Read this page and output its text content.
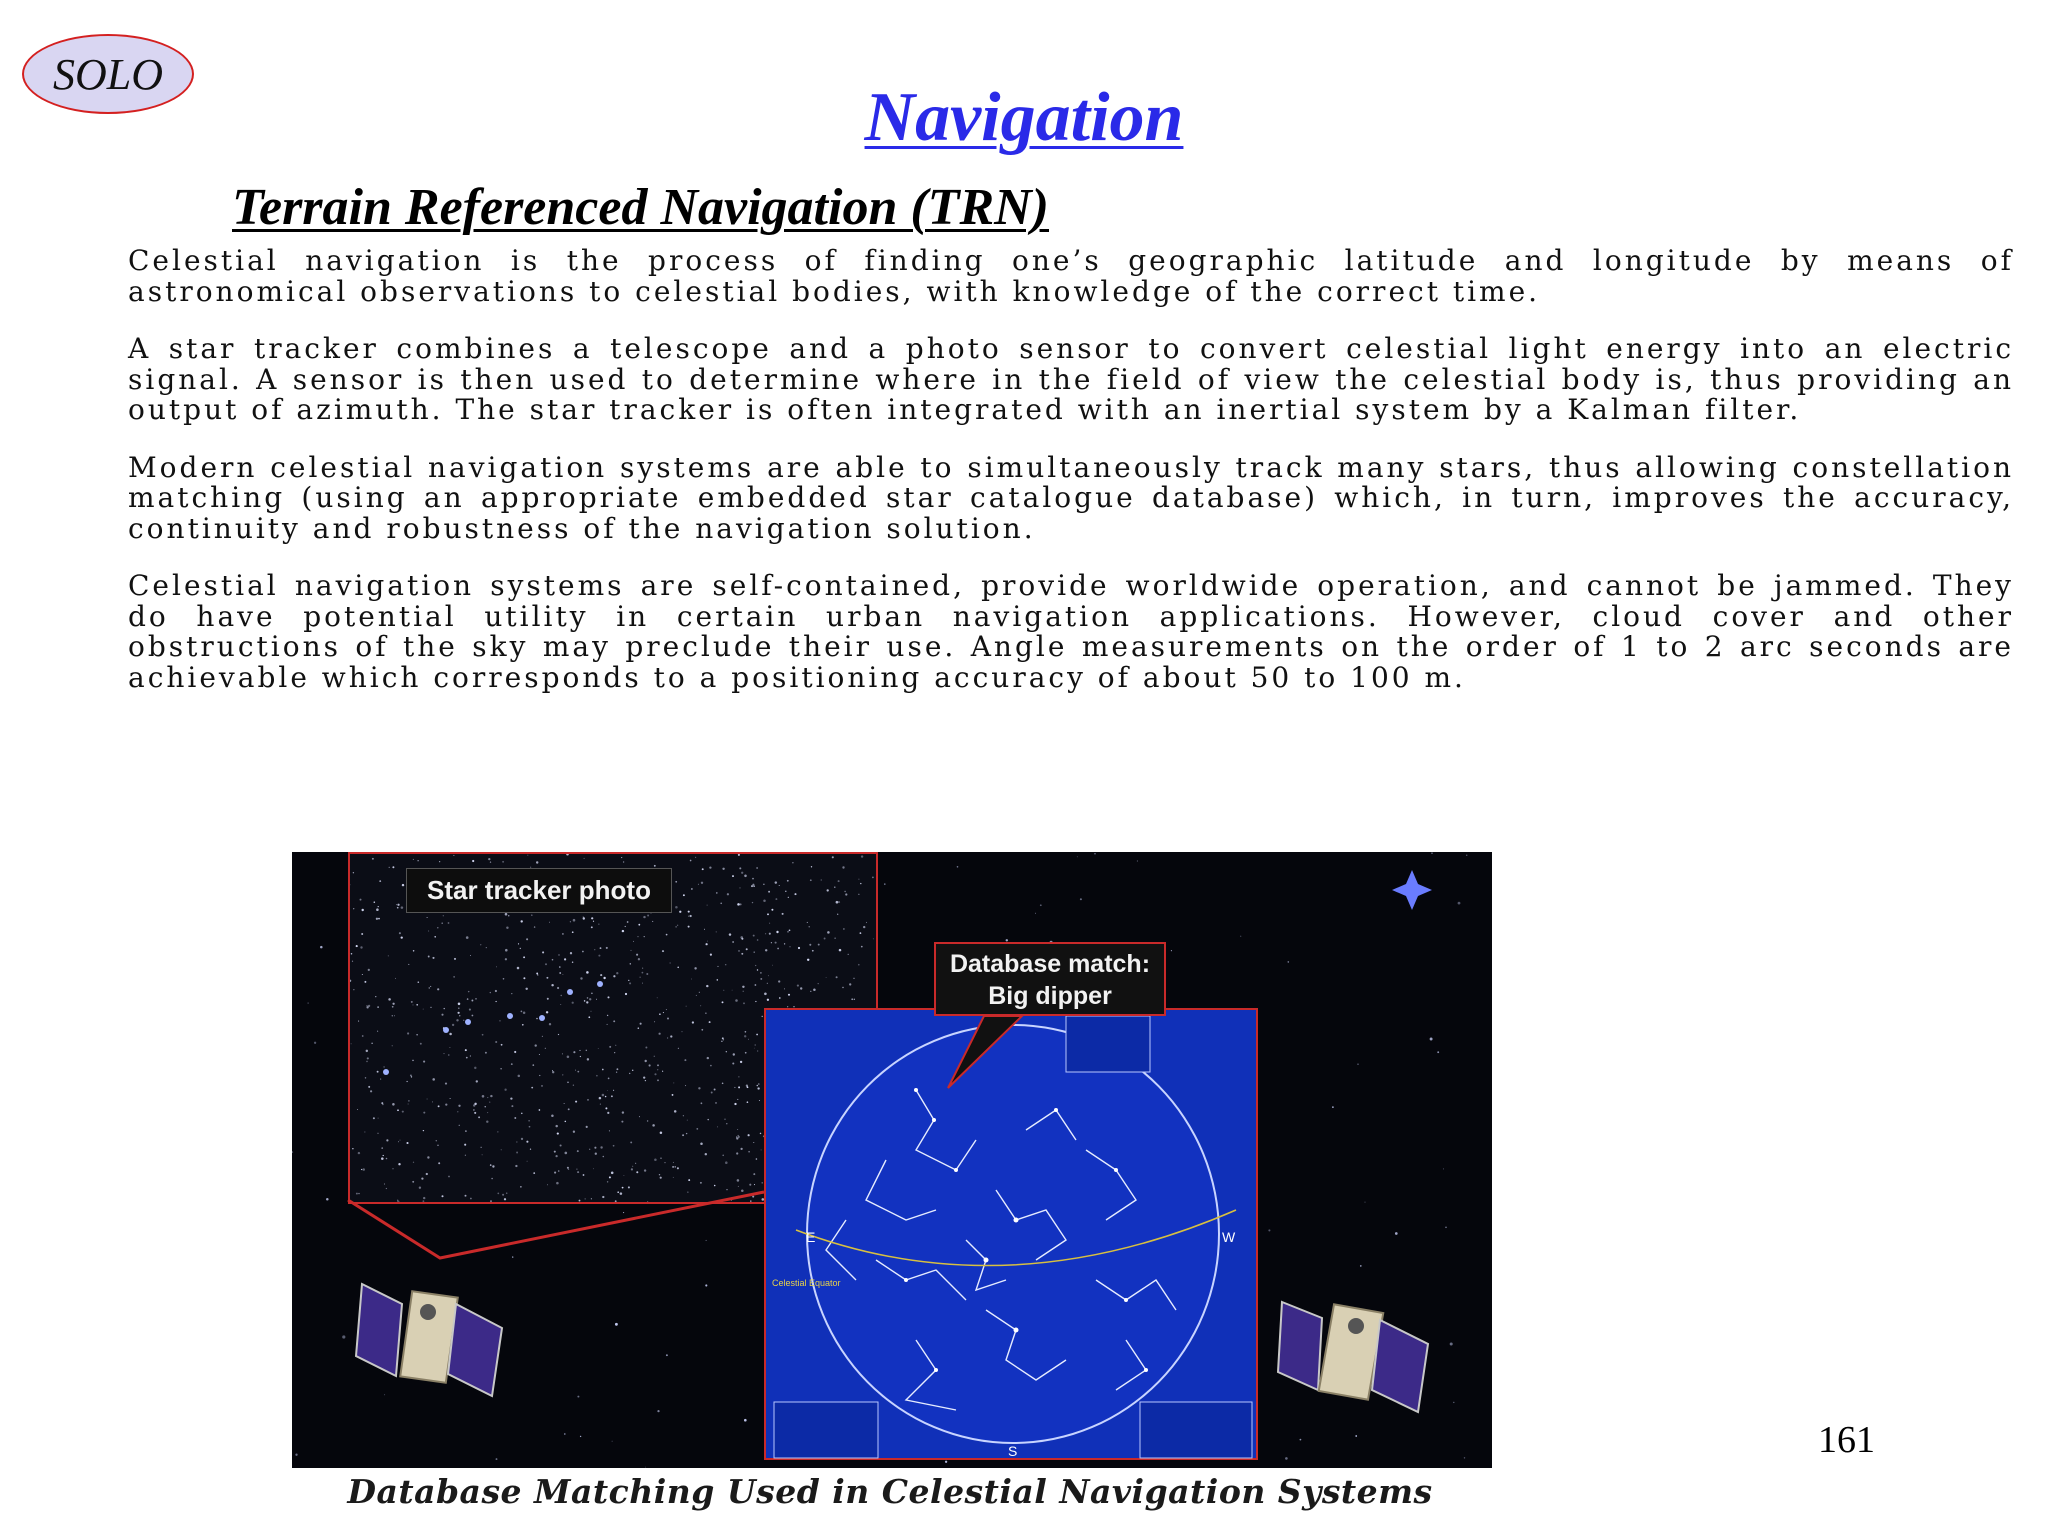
SOLO
Navigation
Terrain Referenced Navigation (TRN)

Celestial navigation is the process of finding one’s geographic latitude and longitude by means of astronomical observations to celestial bodies, with knowledge of the correct time.

A star tracker combines a telescope and a photo sensor to convert celestial light energy into an electric signal. A sensor is then used to determine where in the field of view the celestial body is, thus providing an output of azimuth. The star tracker is often integrated with an inertial system by a Kalman filter.

Modern celestial navigation systems are able to simultaneously track many stars, thus allowing constellation matching (using an appropriate embedded star catalogue database) which, in turn, improves the accuracy, continuity and robustness of the navigation solution.

Celestial navigation systems are self-contained, provide worldwide operation, and cannot be jammed. They do have potential utility in certain urban navigation applications. However, cloud cover and other obstructions of the sky may preclude their use. Angle measurements on the order of 1 to 2 arc seconds are achievable which corresponds to a positioning accuracy of about 50 to 100 m.

Star tracker photo
E	W
S
Celestial Equator
Database match:
Big dipper
Database Matching Used in Celestial Navigation Systems
161
